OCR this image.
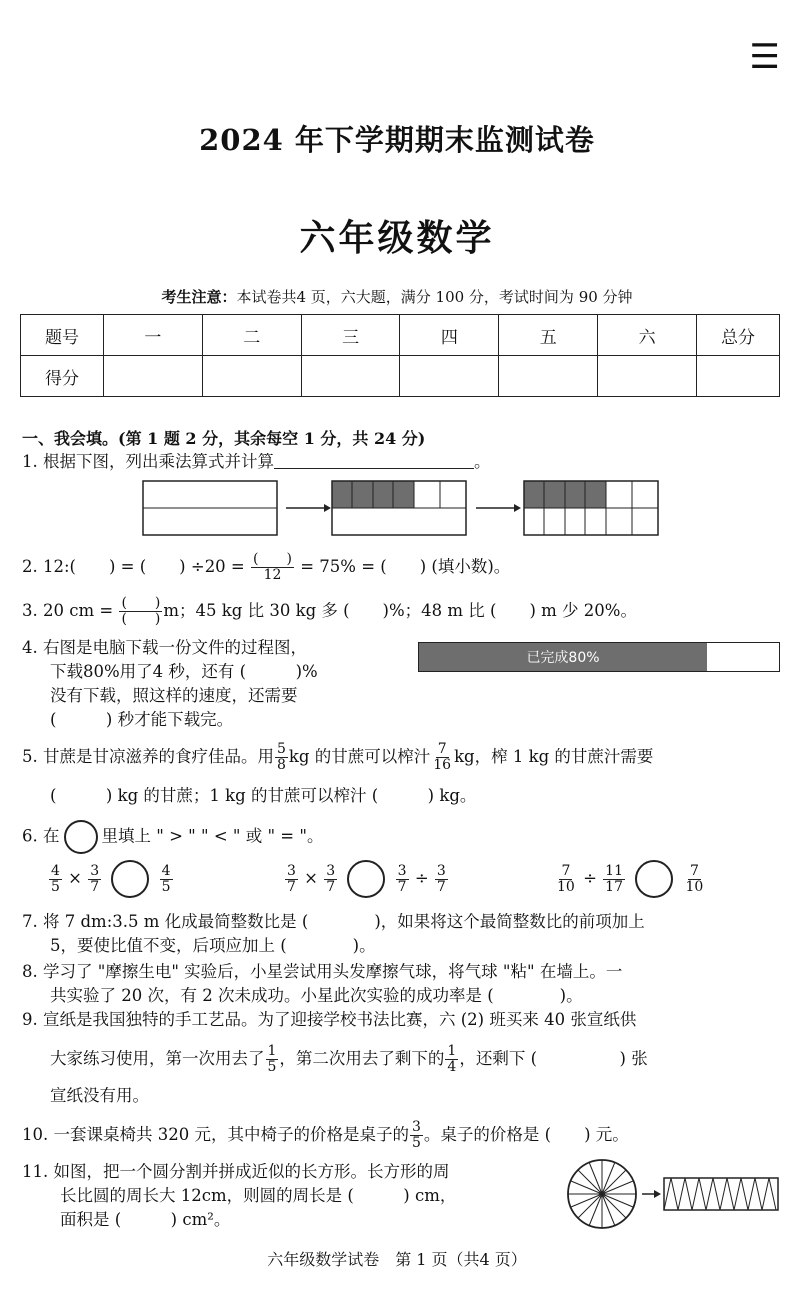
☰
2024 年下学期期末监测试卷
六年级数学
考生注意：本试卷共4 页，六大题，满分 100 分，考试时间为 90 分钟
题号	一	二	三	四	五	六	总分
得分							
一、我会填。(第 1 题 2 分，其余每空 1 分，共 24 分)
1. 根据下图，列出乘法算式并计算	。
2. 12:(　　) = (　　) $\div 20 = \frac{( )}{12} = 75\%$ = (　　) (填小数)。
3. 20 cm = $\frac{( )}{( )}$ m；45 kg 比 30 kg 多 (　　)%；48 m 比 (　　) m 少 20%。
4. 右图是电脑下载一份文件的过程图，
下载80%用了4 秒，还有 (　　　)%
没有下载，照这样的速度，还需要
(　　　) 秒才能下载完。
已完成80%
5. 甘蔗是甘凉滋养的食疗佳品。用 $\frac{5}{8}$ kg 的甘蔗可以榨汁 $\frac{7}{16}$ kg，榨 1 kg 的甘蔗汁需要
(　　　) kg 的甘蔗；1 kg 的甘蔗可以榨汁 (　　　) kg。
6. 在	里填上 " > " " < " 或 " = "。
$\frac{4}{5} \times \frac{3}{7}$
	$\frac{4}{5}$	$\frac{3}{7} \times \frac{3}{7}$
	$\frac{3}{7} \div \frac{3}{7}$	$\frac{7}{10} \div \frac{11}{17}$
	$\frac{7}{10}$
7. 将 7 dm:3.5 m 化成最简整数比是 (　　　　)，如果将这个最简整数比的前项加上
5，要使比值不变，后项应加上 (　　　　)。
8. 学习了 "摩擦生电" 实验后，小星尝试用头发摩擦气球，将气球 "粘" 在墙上。一
共实验了 20 次，有 2 次未成功。小星此次实验的成功率是 (　　　　)。
9. 宣纸是我国独特的手工艺品。为了迎接学校书法比赛，六 (2) 班买来 40 张宣纸供
大家练习使用，第一次用去了 $\frac{1}{5}$ ，第二次用去了剩下的 $\frac{1}{4}$ ，还剩下 (　　　　　) 张
宣纸没有用。
10. 一套课桌椅共 320 元，其中椅子的价格是桌子的 $\frac{3}{5}$ 。桌子的价格是 (　　) 元。
11. 如图，把一个圆分割并拼成近似的长方形。长方形的周
长比圆的周长大 12cm，则圆的周长是 (　　　) cm，
面积是 (　　　) cm²。
六年级数学试卷　第 1 页（共4 页）
